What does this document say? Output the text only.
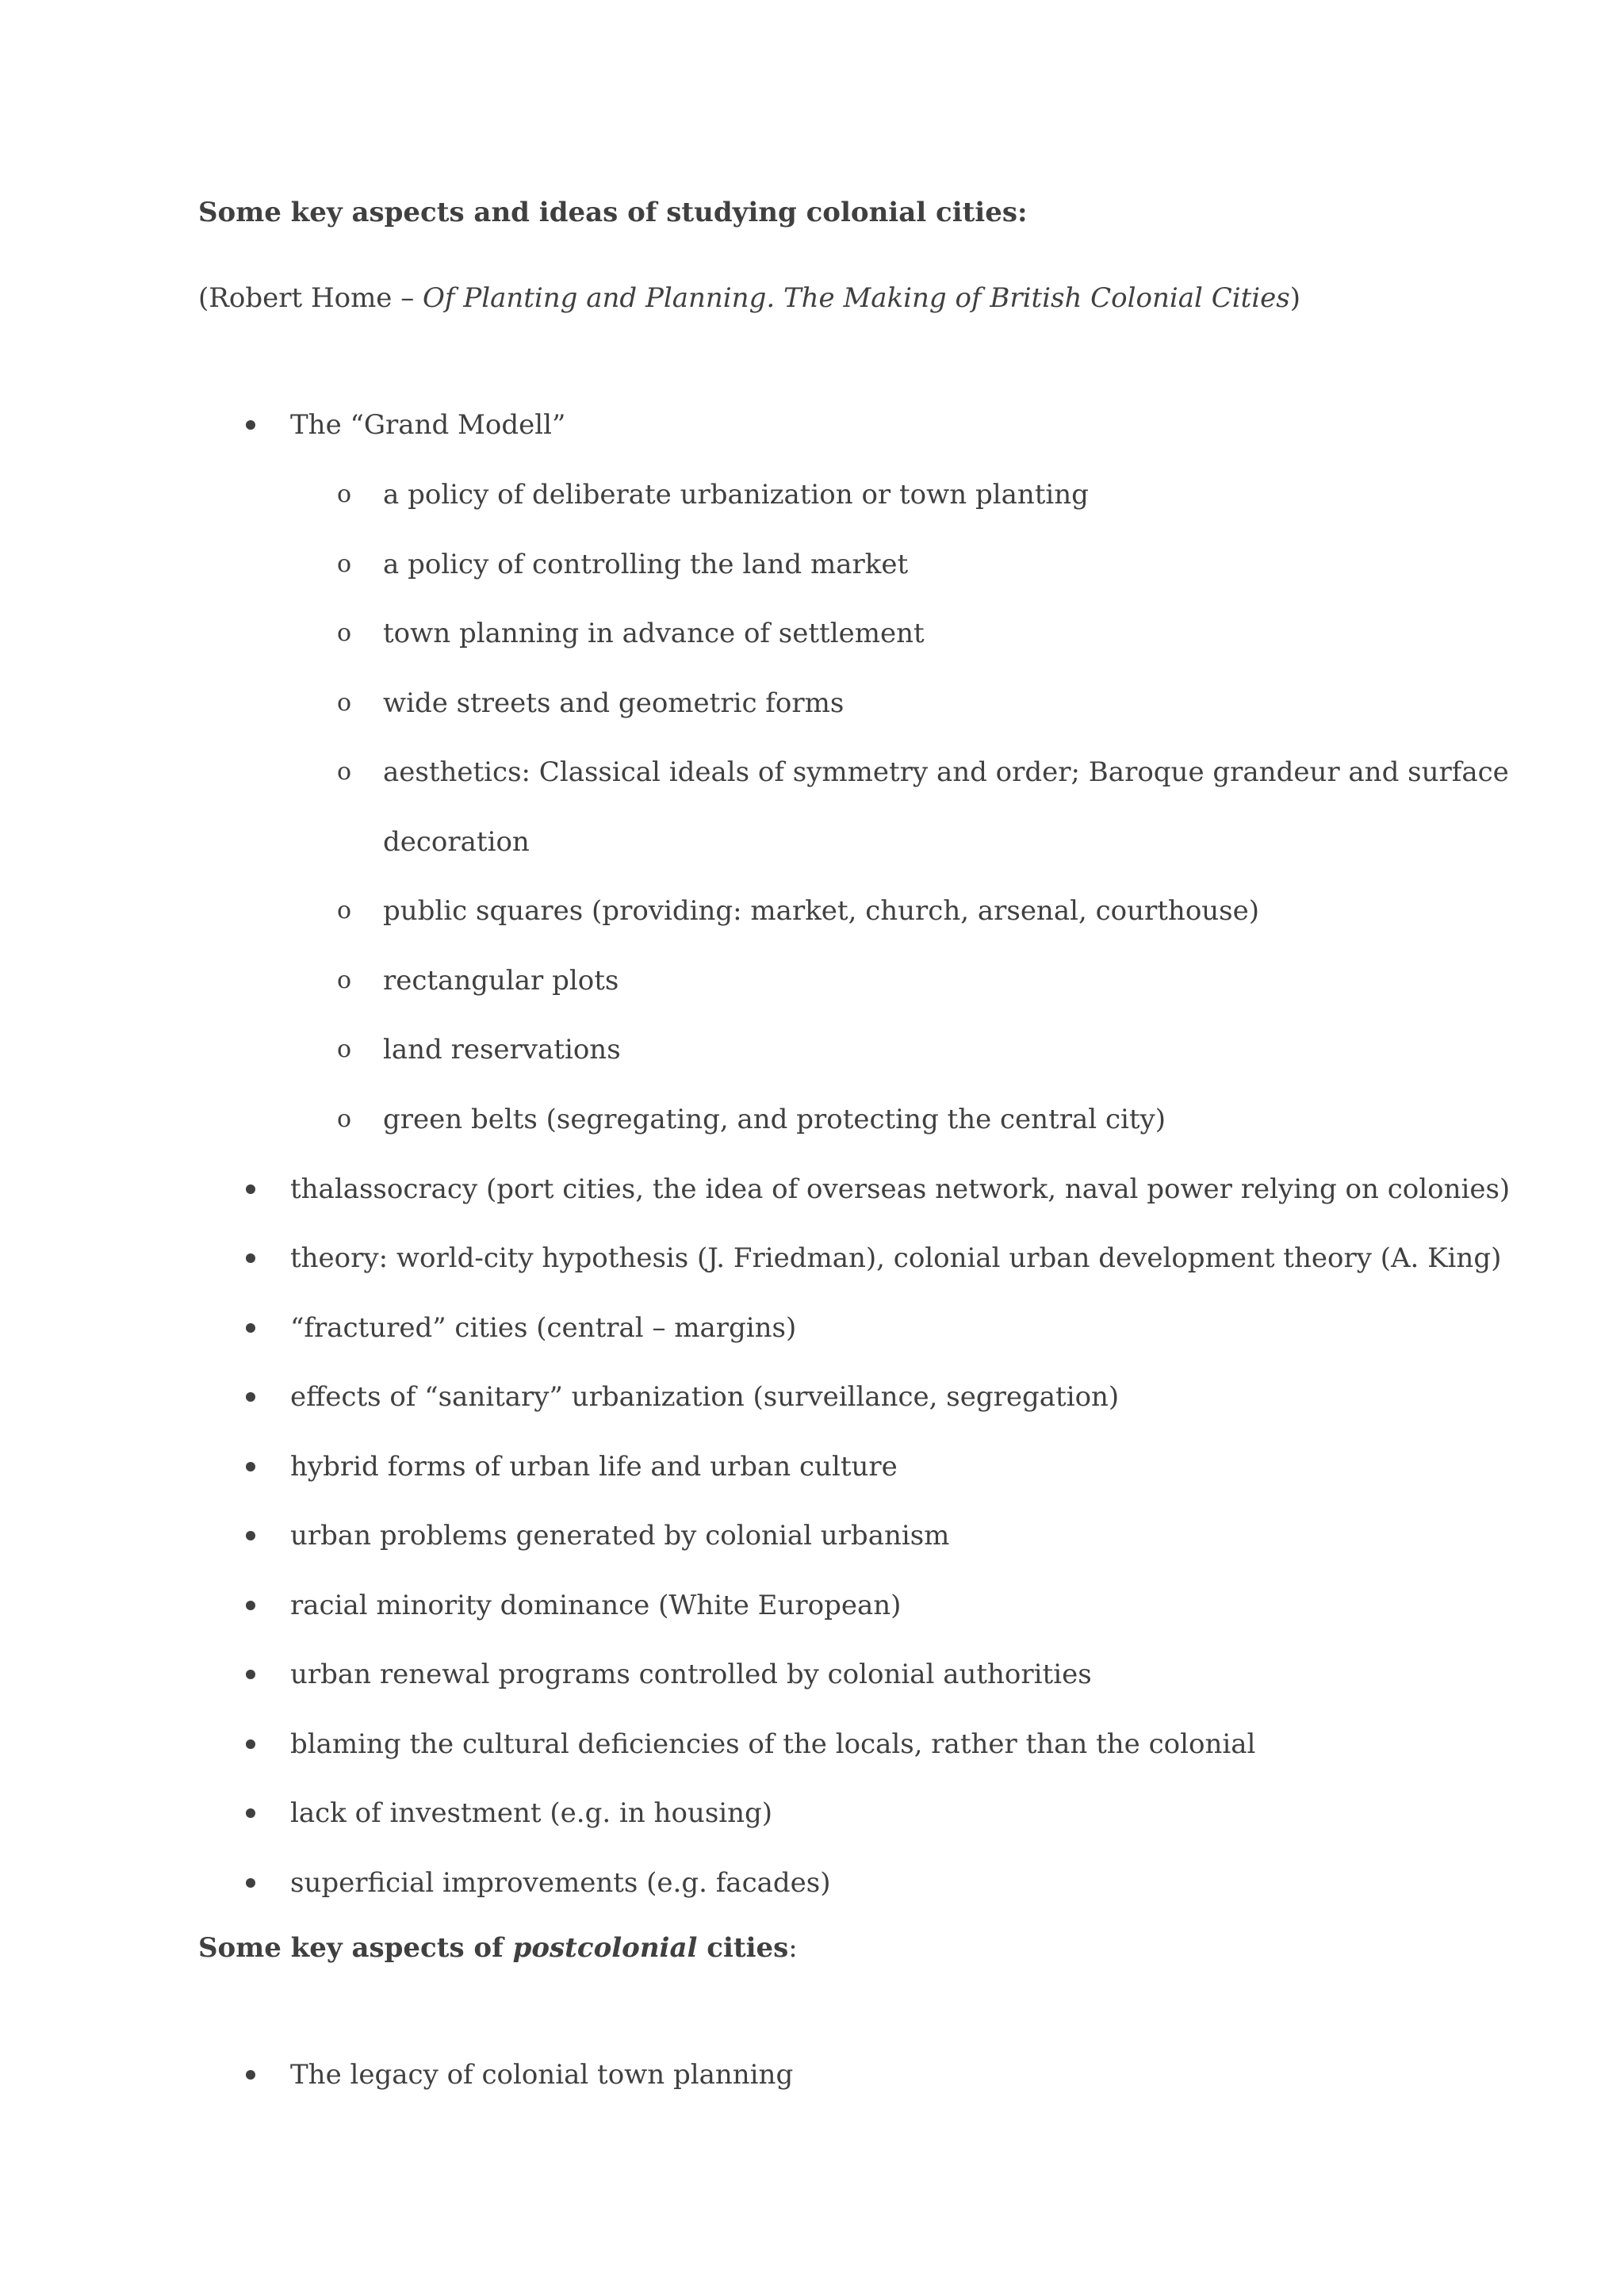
Some key aspects and ideas of studying colonial cities:
(Robert Home – Of Planting and Planning. The Making of British Colonial Cities)
The “Grand Modell”
o a policy of deliberate urbanization or town planting
o a policy of controlling the land market
o town planning in advance of settlement
o wide streets and geometric forms
o aesthetics: Classical ideals of symmetry and order; Baroque grandeur and surface
decoration
o public squares (providing: market, church, arsenal, courthouse)
o rectangular plots
o land reservations
o green belts (segregating, and protecting the central city)
thalassocracy (port cities, the idea of overseas network, naval power relying on colonies)
theory: world-city hypothesis (J. Friedman), colonial urban development theory (A. King)
“fractured” cities (central – margins)
effects of “sanitary” urbanization (surveillance, segregation)
hybrid forms of urban life and urban culture
urban problems generated by colonial urbanism
racial minority dominance (White European)
urban renewal programs controlled by colonial authorities
blaming the cultural deficiencies of the locals, rather than the colonial
lack of investment (e.g. in housing)
superficial improvements (e.g. facades)
Some key aspects of postcolonial cities:
The legacy of colonial town planning
